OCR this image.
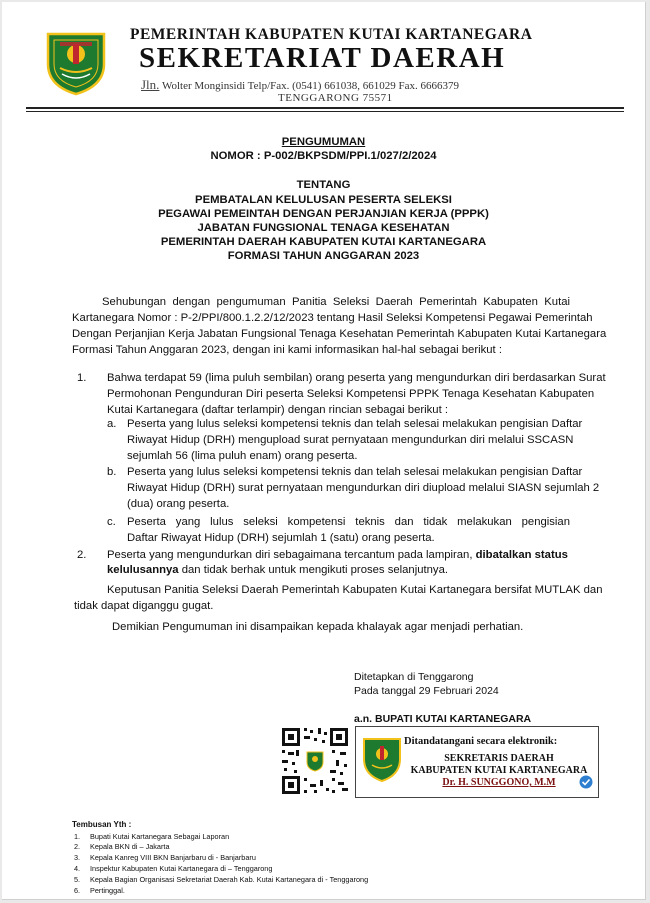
PEMERINTAH KABUPATEN KUTAI KARTANEGARA
SEKRETARIAT DAERAH
Jln. Wolter Monginsidi Telp/Fax. (0541) 661038, 661029 Fax. 6666379
TENGGARONG 75571
PENGUMUMAN
NOMOR : P-002/BKPSDM/PPI.1/027/2/2024
TENTANG
PEMBATALAN KELULUSAN PESERTA SELEKSI
PEGAWAI PEMEINTAH DENGAN PERJANJIAN KERJA (PPPK)
JABATAN FUNGSIONAL TENAGA KESEHATAN
PEMERINTAH DAERAH KABUPATEN KUTAI KARTANEGARA
FORMASI TAHUN ANGGARAN 2023
Sehubungan dengan pengumuman Panitia Seleksi Daerah Pemerintah Kabupaten Kutai
Kartanegara Nomor : P-2/PPI/800.1.2.2/12/2023 tentang Hasil Seleksi Kompetensi Pegawai Pemerintah
Dengan Perjanjian Kerja Jabatan Fungsional Tenaga Kesehatan Pemerintah Kabupaten Kutai Kartanegara
Formasi Tahun Anggaran 2023, dengan ini kami informasikan hal-hal sebagai berikut :
1. Bahwa terdapat 59 (lima puluh sembilan) orang peserta yang mengundurkan diri berdasarkan Surat
Permohonan Pengunduran Diri peserta Seleksi Kompetensi PPPK Tenaga Kesehatan Kabupaten
Kutai Kartanegara (daftar terlampir) dengan rincian sebagai berikut :
a. Peserta yang lulus seleksi kompetensi teknis dan telah selesai melakukan pengisian Daftar
Riwayat Hidup (DRH) mengupload surat pernyataan mengundurkan diri melalui SSCASN
sejumlah 56 (lima puluh enam) orang peserta.
b. Peserta yang lulus seleksi kompetensi teknis dan telah selesai melakukan pengisian Daftar
Riwayat Hidup (DRH) surat pernyataan mengundurkan diri diupload melalui SIASN sejumlah 2
(dua) orang peserta.
c. Peserta yang lulus seleksi kompetensi teknis dan tidak melakukan pengisian
Daftar Riwayat Hidup (DRH) sejumlah 1 (satu) orang peserta.
2. Peserta yang mengundurkan diri sebagaimana tercantum pada lampiran, dibatalkan status
kelulusannya dan tidak berhak untuk mengikuti proses selanjutnya.
Keputusan Panitia Seleksi Daerah Pemerintah Kabupaten Kutai Kartanegara bersifat MUTLAK dan
tidak dapat diganggu gugat.
Demikian Pengumuman ini disampaikan kepada khalayak agar menjadi perhatian.
Ditetapkan di Tenggarong
Pada tanggal 29 Februari 2024
a.n. BUPATI KUTAI KARTANEGARA
Ditandatangani secara elektronik:
SEKRETARIS DAERAH
KABUPATEN KUTAI KARTANEGARA
Dr. H. SUNGGONO, M.M
Tembusan Yth :
1. Bupati Kutai Kartanegara Sebagai Laporan
2. Kepala BKN di – Jakarta
3. Kepala Kanreg VIII BKN Banjarbaru di - Banjarbaru
4. Inspektur Kabupaten Kutai Kartanegara di – Tenggarong
5. Kepala Bagian Organisasi Sekretariat Daerah Kab. Kutai Kartanegara di - Tenggarong
6. Pertinggal.
